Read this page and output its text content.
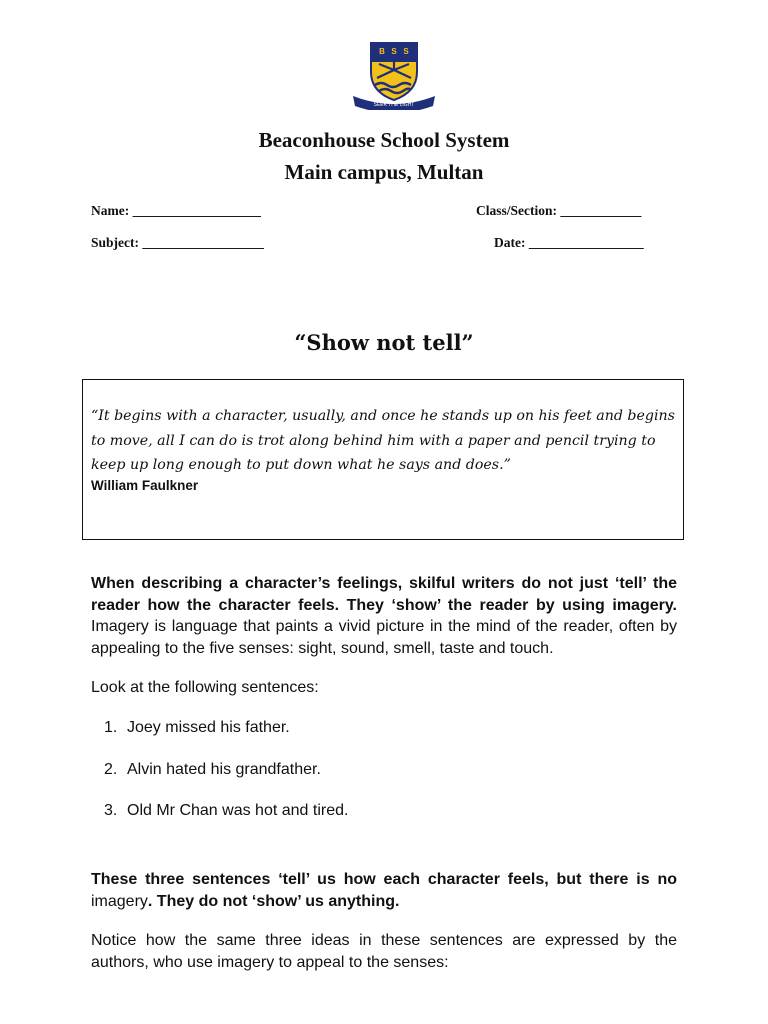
B S S
SEEK THE LIGHT
Beaconhouse School System
Main campus, Multan
Name: ___________________	Class/Section: ____________
Subject: __________________	Date: _________________
“Show not tell”
“It begins with a character, usually, and once he stands up on his feet and begins to move, all I can do is trot along behind him with a paper and pencil trying to keep up long enough to put down what he says and does.”
William Faulkner
When describing a character’s feelings, skilful writers do not just ‘tell’ the reader how the character feels. They ‘show’ the reader by using imagery. Imagery is language that paints a vivid picture in the mind of the reader, often by appealing to the five senses: sight, sound, smell, taste and touch.
Look at the following sentences:
1. Joey missed his father.
2. Alvin hated his grandfather.
3. Old Mr Chan was hot and tired.
These three sentences ‘tell’ us how each character feels, but there is no imagery. They do not ‘show’ us anything.
Notice how the same three ideas in these sentences are expressed by the authors, who use imagery to appeal to the senses:
